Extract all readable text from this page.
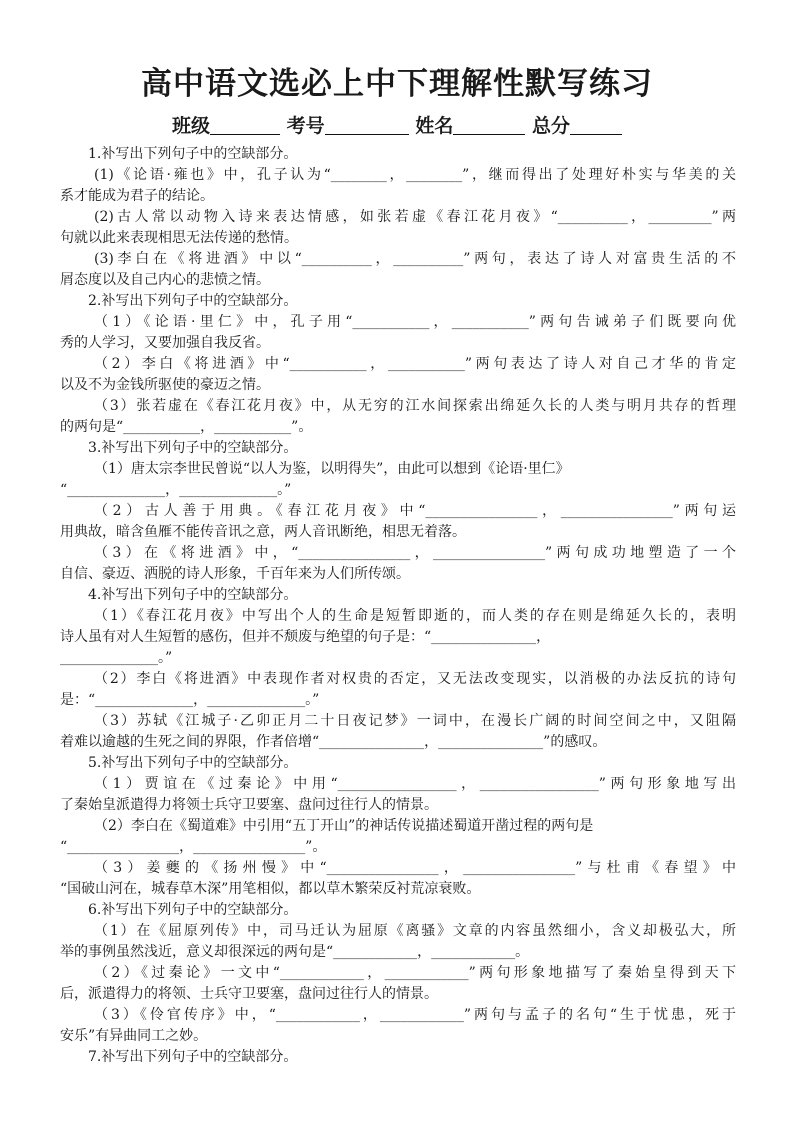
高中语文选必上中下理解性默写练习
班级	考号	姓名	总分
1.补写出下列句子中的空缺部分。
(1)《论语·雍也》中，孔子认为“________，________”，继而得出了处理好朴实与华美的关
系才能成为君子的结论。
(2)古人常以动物入诗来表达情感，如张若虚《春江花月夜》“__________，_________”两
句就以此来表现相思无法传递的愁情。
(3)李白在《将进酒》中以“__________，__________”两句，表达了诗人对富贵生活的不
屑态度以及自己内心的悲愤之情。
2.补写出下列句子中的空缺部分。
（1）《论语·里仁》中，孔子用“___________，___________”两句告诫弟子们既要向优
秀的人学习，又要加强自我反省。
（2）李白《将进酒》中“___________，___________”两句表达了诗人对自己才华的肯定
以及不为金钱所驱使的豪迈之情。
（3）张若虚在《春江花月夜》中，从无穷的江水间探索出绵延久长的人类与明月共存的哲理
的两句是“___________，___________”。
3.补写出下列句子中的空缺部分。
（1）唐太宗李世民曾说“以人为鉴，以明得失”，由此可以想到《论语·里仁》
“______________，______________。”
（2）古人善于用典。《春江花月夜》中“________________，________________”两句运
用典故，暗含鱼雁不能传音讯之意，两人音讯断绝，相思无着落。
（3）在《将进酒》中，“________________，________________”两句成功地塑造了一个
自信、豪迈、洒脱的诗人形象，千百年来为人们所传颂。
4.补写出下列句子中的空缺部分。
（1）《春江花月夜》中写出个人的生命是短暂即逝的，而人类的存在则是绵延久长的，表明
诗人虽有对人生短暂的感伤，但并不颓废与绝望的句子是：“_______________，
______________。”
（2）李白《将进酒》中表现作者对权贵的否定，又无法改变现实，以消极的办法反抗的诗句
是：“______________，______________。”
（3）苏轼《江城子·乙卯正月二十日夜记梦》一词中，在漫长广阔的时间空间之中，又阻隔
着难以逾越的生死之间的界限，作者倍增“_______________，_______________”的感叹。
5.补写出下列句子中的空缺部分。
（1）贾谊在《过秦论》中用“_________________，_________________”两句形象地写出
了秦始皇派遣得力将领士兵守卫要塞、盘问过往行人的情景。
（2）李白在《蜀道难》中引用“五丁开山”的神话传说描述蜀道开凿过程的两句是
“________________，________________”。
（3）姜夔的《扬州慢》中“________________，________________”与杜甫《春望》中
“国破山河在，城春草木深”用笔相似，都以草木繁荣反衬荒凉衰败。
6.补写出下列句子中的空缺部分。
（1）在《屈原列传》中，司马迁认为屈原《离骚》文章的内容虽然细小，含义却极弘大，所
举的事例虽然浅近，意义却很深远的两句是“____________，____________。
（2）《过秦论》一文中“____________，____________”两句形象地描写了秦始皇得到天下
后，派遣得力的将领、士兵守卫要塞，盘问过往行人的情景。
（3）《伶官传序》中，“____________，____________”两句与孟子的名句“生于忧患，死于
安乐”有异曲同工之妙。
7.补写出下列句子中的空缺部分。
